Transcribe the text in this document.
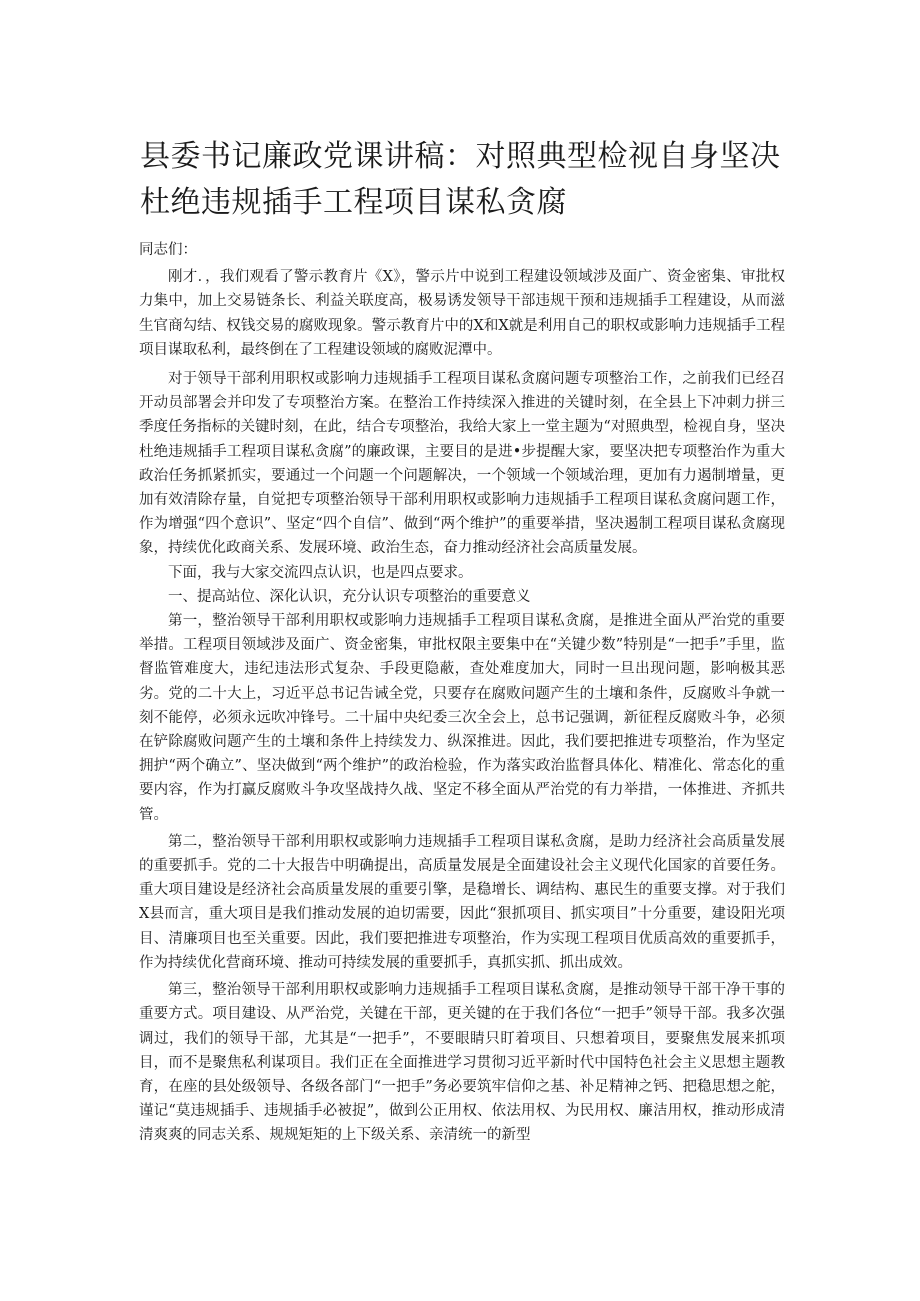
县委书记廉政党课讲稿：对照典型检视自身坚决杜绝违规插手工程项目谋私贪腐

同志们：

刚才．，我们观看了警示教育片《X》，警示片中说到工程建设领域涉及面广、资金密集、审批权力集中，加上交易链条长、利益关联度高，极易诱发领导干部违规干预和违规插手工程建设，从而滋生官商勾结、权钱交易的腐败现象。警示教育片中的X和X就是利用自己的职权或影响力违规插手工程项目谋取私利，最终倒在了工程建设领域的腐败泥潭中。

对于领导干部利用职权或影响力违规插手工程项目谋私贪腐问题专项整治工作，之前我们已经召开动员部署会并印发了专项整治方案。在整治工作持续深入推进的关键时刻，在全县上下冲刺力拼三季度任务指标的关键时刻，在此，结合专项整治，我给大家上一堂主题为“对照典型，检视自身，坚决杜绝违规插手工程项目谋私贪腐”的廉政课，主要目的是进•步提醒大家，要坚决把专项整治作为重大政治任务抓紧抓实，要通过一个问题一个问题解决，一个领域一个领域治理，更加有力遏制增量，更加有效清除存量，自觉把专项整治领导干部利用职权或影响力违规插手工程项目谋私贪腐问题工作，作为增强“四个意识”、坚定“四个自信”、做到“两个维护”的重要举措，坚决遏制工程项目谋私贪腐现象，持续优化政商关系、发展环境、政治生态，奋力推动经济社会高质量发展。

下面，我与大家交流四点认识，也是四点要求。

一、提高站位、深化认识，充分认识专项整治的重要意义

第一，整治领导干部利用职权或影响力违规插手工程项目谋私贪腐，是推进全面从严治党的重要举措。工程项目领域涉及面广、资金密集，审批权限主要集中在“关键少数”特别是“一把手”手里，监督监管难度大，违纪违法形式复杂、手段更隐蔽，查处难度加大，同时一旦出现问题，影响极其恶劣。党的二十大上，习近平总书记告诫全党，只要存在腐败问题产生的土壤和条件，反腐败斗争就一刻不能停，必须永远吹冲锋号。二十届中央纪委三次全会上，总书记强调，新征程反腐败斗争，必须在铲除腐败问题产生的土壤和条件上持续发力、纵深推进。因此，我们要把推进专项整治，作为坚定拥护“两个确立”、坚决做到“两个维护”的政治检验，作为落实政治监督具体化、精准化、常态化的重要内容，作为打赢反腐败斗争攻坚战持久战、坚定不移全面从严治党的有力举措，一体推进、齐抓共管。

第二，整治领导干部利用职权或影响力违规插手工程项目谋私贪腐，是助力经济社会高质量发展的重要抓手。党的二十大报告中明确提出，高质量发展是全面建设社会主义现代化国家的首要任务。重大项目建设是经济社会高质量发展的重要引擎，是稳增长、调结构、惠民生的重要支撑。对于我们X县而言，重大项目是我们推动发展的迫切需要，因此“狠抓项目、抓实项目”十分重要，建设阳光项目、清廉项目也至关重要。因此，我们要把推进专项整治，作为实现工程项目优质高效的重要抓手，作为持续优化营商环境、推动可持续发展的重要抓手，真抓实抓、抓出成效。

第三，整治领导干部利用职权或影响力违规插手工程项目谋私贪腐，是推动领导干部干净干事的重要方式。项目建设、从严治党，关键在干部，更关键的在于我们各位“一把手”领导干部。我多次强调过，我们的领导干部，尤其是“一把手”，不要眼睛只盯着项目、只想着项目，要聚焦发展来抓项目，而不是聚焦私利谋项目。我们正在全面推进学习贯彻习近平新时代中国特色社会主义思想主题教育，在座的县处级领导、各级各部门“一把手”务必要筑牢信仰之基、补足精神之钙、把稳思想之舵，谨记“莫违规插手、违规插手必被捉”，做到公正用权、依法用权、为民用权、廉洁用权，推动形成清清爽爽的同志关系、规规矩矩的上下级关系、亲清统一的新型
